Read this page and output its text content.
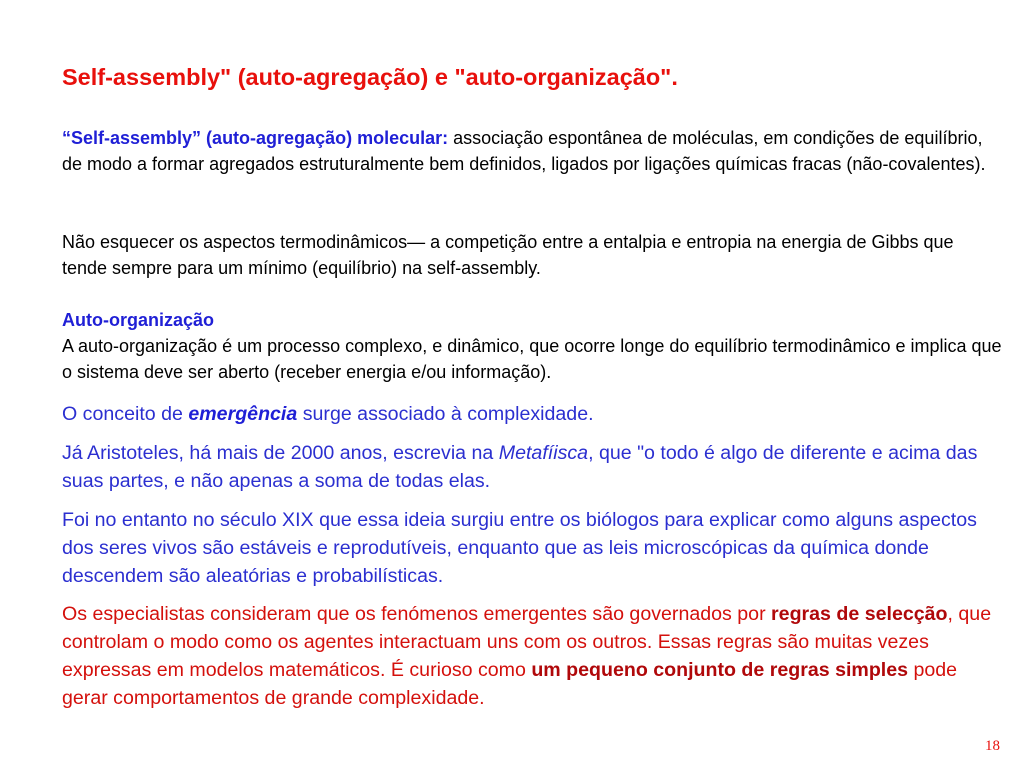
Self-assembly" (auto-agregação) e "auto-organização".

“Self-assembly” (auto-agregação) molecular: associação espontânea de moléculas, em condições de equilíbrio, de modo a formar agregados estruturalmente bem definidos, ligados por ligações químicas fracas (não-covalentes).

Não esquecer os aspectos termodinâmicos— a competição entre a entalpia e entropia na energia de Gibbs que tende sempre para um mínimo (equilíbrio) na self-assembly.

Auto-organização
A auto-organização é um processo complexo, e dinâmico, que ocorre longe do equilíbrio termodinâmico e implica que o sistema deve ser aberto (receber energia e/ou informação).

O conceito de emergência surge associado à complexidade.

Já Aristoteles, há mais de 2000 anos, escrevia na Metafíisca, que "o todo é algo de diferente e acima das suas partes, e não apenas a soma de todas elas.

Foi no entanto no século XIX que essa ideia surgiu entre os biólogos para explicar como alguns aspectos dos seres vivos são estáveis e reprodutíveis, enquanto que as leis microscópicas da química donde descendem são aleatórias e probabilísticas.

Os especialistas consideram que os fenómenos emergentes são governados por regras de selecção, que controlam o modo como os agentes interactuam uns com os outros. Essas regras são muitas vezes expressas em modelos matemáticos. É curioso como um pequeno conjunto de regras simples pode gerar comportamentos de grande complexidade.

18
